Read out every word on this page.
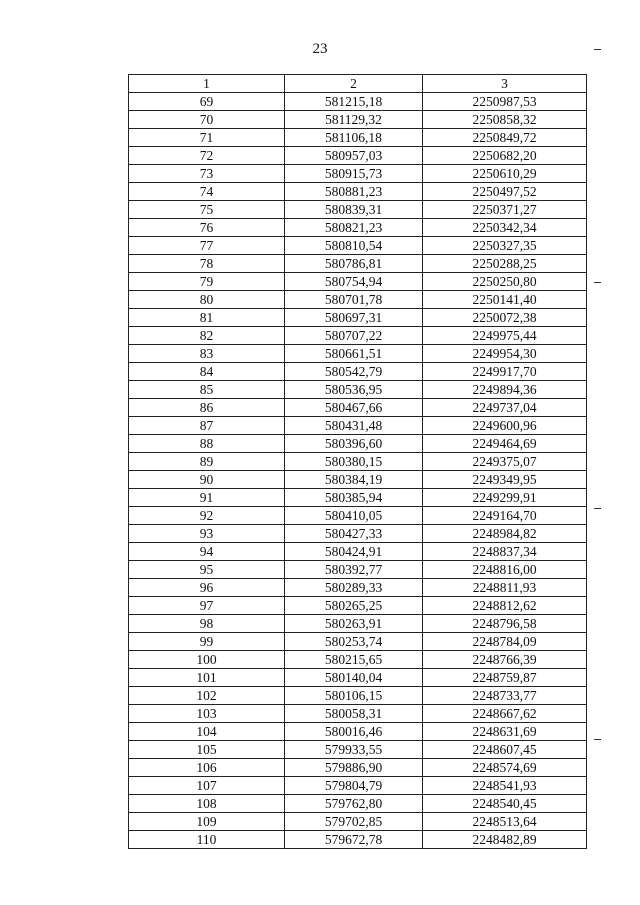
23
1	2	3
69	581215,18	2250987,53
70	581129,32	2250858,32
71	581106,18	2250849,72
72	580957,03	2250682,20
73	580915,73	2250610,29
74	580881,23	2250497,52
75	580839,31	2250371,27
76	580821,23	2250342,34
77	580810,54	2250327,35
78	580786,81	2250288,25
79	580754,94	2250250,80
80	580701,78	2250141,40
81	580697,31	2250072,38
82	580707,22	2249975,44
83	580661,51	2249954,30
84	580542,79	2249917,70
85	580536,95	2249894,36
86	580467,66	2249737,04
87	580431,48	2249600,96
88	580396,60	2249464,69
89	580380,15	2249375,07
90	580384,19	2249349,95
91	580385,94	2249299,91
92	580410,05	2249164,70
93	580427,33	2248984,82
94	580424,91	2248837,34
95	580392,77	2248816,00
96	580289,33	2248811,93
97	580265,25	2248812,62
98	580263,91	2248796,58
99	580253,74	2248784,09
100	580215,65	2248766,39
101	580140,04	2248759,87
102	580106,15	2248733,77
103	580058,31	2248667,62
104	580016,46	2248631,69
105	579933,55	2248607,45
106	579886,90	2248574,69
107	579804,79	2248541,93
108	579762,80	2248540,45
109	579702,85	2248513,64
110	579672,78	2248482,89
